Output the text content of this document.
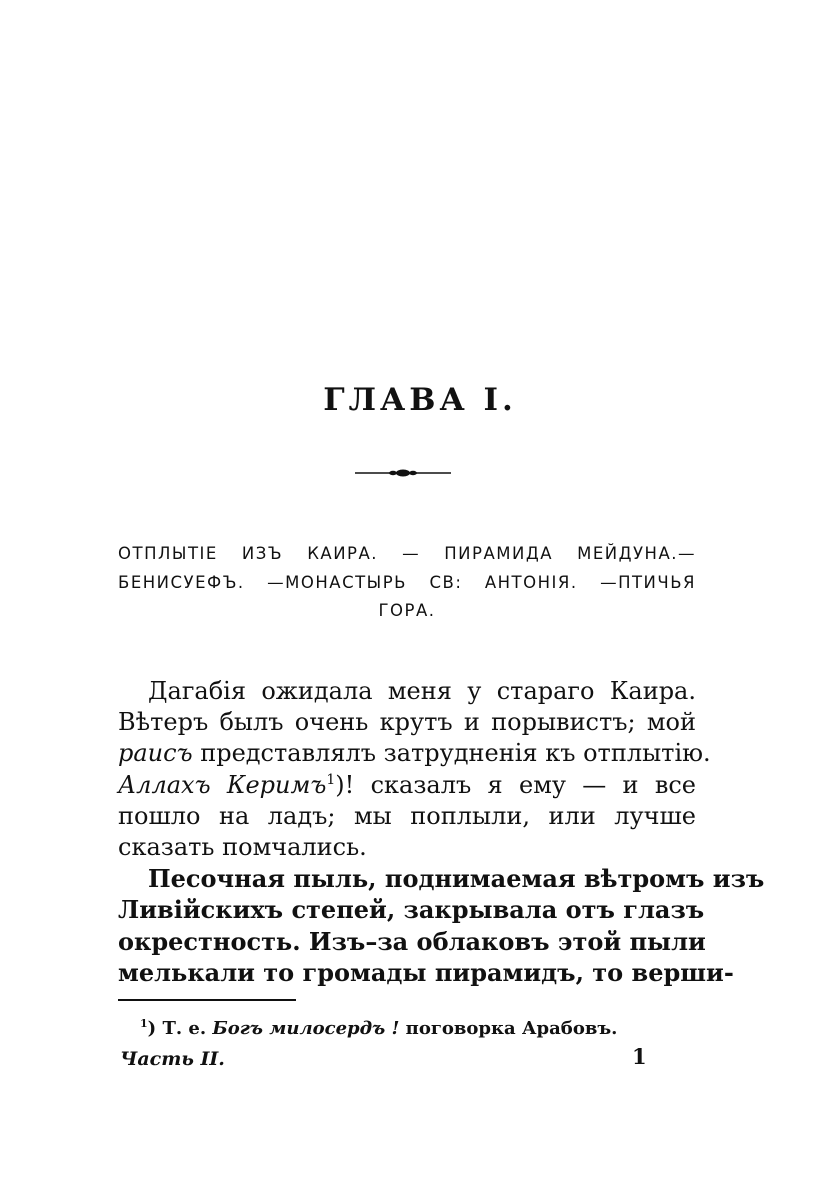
ГЛАВА I.
ОТПЛЫТІЕ ИЗЪ КАИРА. — ПИРАМИДА МЕЙДУНА.—
БЕНИСУЕФЪ. —МОНАСТЫРЬ СВ: АНТОНІЯ. —ПТИЧЬЯ
ГОРА.
Дагабія ожидала меня у стараго Каира.
Вѣтеръ былъ очень крутъ и порывистъ; мой
раисъ представлялъ затрудненія къ отплытію.
Аллахъ Керимъ$^1$)! сказалъ я ему — и все
пошло на ладъ; мы поплыли, или лучше
сказать помчались.
Песочная пыль, поднимаемая вѣтромъ изъ
Ливійскихъ степей, закрывала отъ глазъ
окрестность. Изъ–за облаковъ этой пыли
мелькали то громады пирамидъ, то верши-
$^1$) Т. е. Богъ милосердъ ! поговорка Арабовъ.
Часть II.	1
